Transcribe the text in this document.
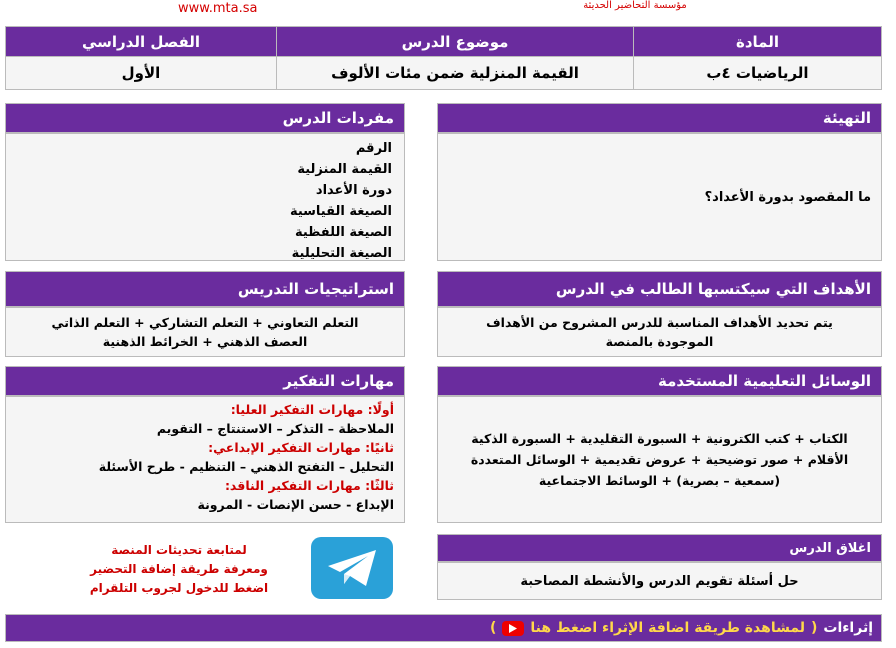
www.mta.sa	مؤسسة التحاضير الحديثة
المادة
موضوع الدرس
الفصل الدراسي
الرياضيات ٤ب
القيمة المنزلية ضمن مئات الألوف
الأول
التهيئة
ما المقصود بدورة الأعداد؟
مفردات الدرس
الرقم
القيمة المنزلية
دورة الأعداد
الصيغة القياسية
الصيغة اللفظية
الصيغة التحليلية
الأهداف التي سيكتسبها الطالب في الدرس
يتم تحديد الأهداف المناسبة للدرس المشروح من الأهداف الموجودة بالمنصة
استراتيجيات التدريس
التعلم التعاوني + التعلم التشاركي + التعلم الذاتي
العصف الذهني + الخرائط الذهنية
الوسائل التعليمية المستخدمة
الكتاب + كتب الكترونية + السبورة التقليدية + السبورة الذكية الأقلام + صور توضيحية + عروض تقديمية + الوسائل المتعددة (سمعية – بصرية) + الوسائط الاجتماعية
مهارات التفكير
أولًا: مهارات التفكير العليا:
الملاحظة – التذكر – الاستنتاج – التقويم
ثانيًا: مهارات التفكير الإبداعي:
التحليل – التفتح الذهني – التنظيم - طرح الأسئلة
ثالثًا: مهارات التفكير الناقد:
الإبداع - حسن الإنصات - المرونة
اغلاق الدرس
حل أسئلة تقويم الدرس والأنشطة المصاحبة
لمتابعة تحديثات المنصة
ومعرفة طريقة إضافة التحضير
اضغط للدخول لجروب التلقرام
إثراءات
(
لمشاهدة طريقة اضافة الإثراء اضغط هنا
)
